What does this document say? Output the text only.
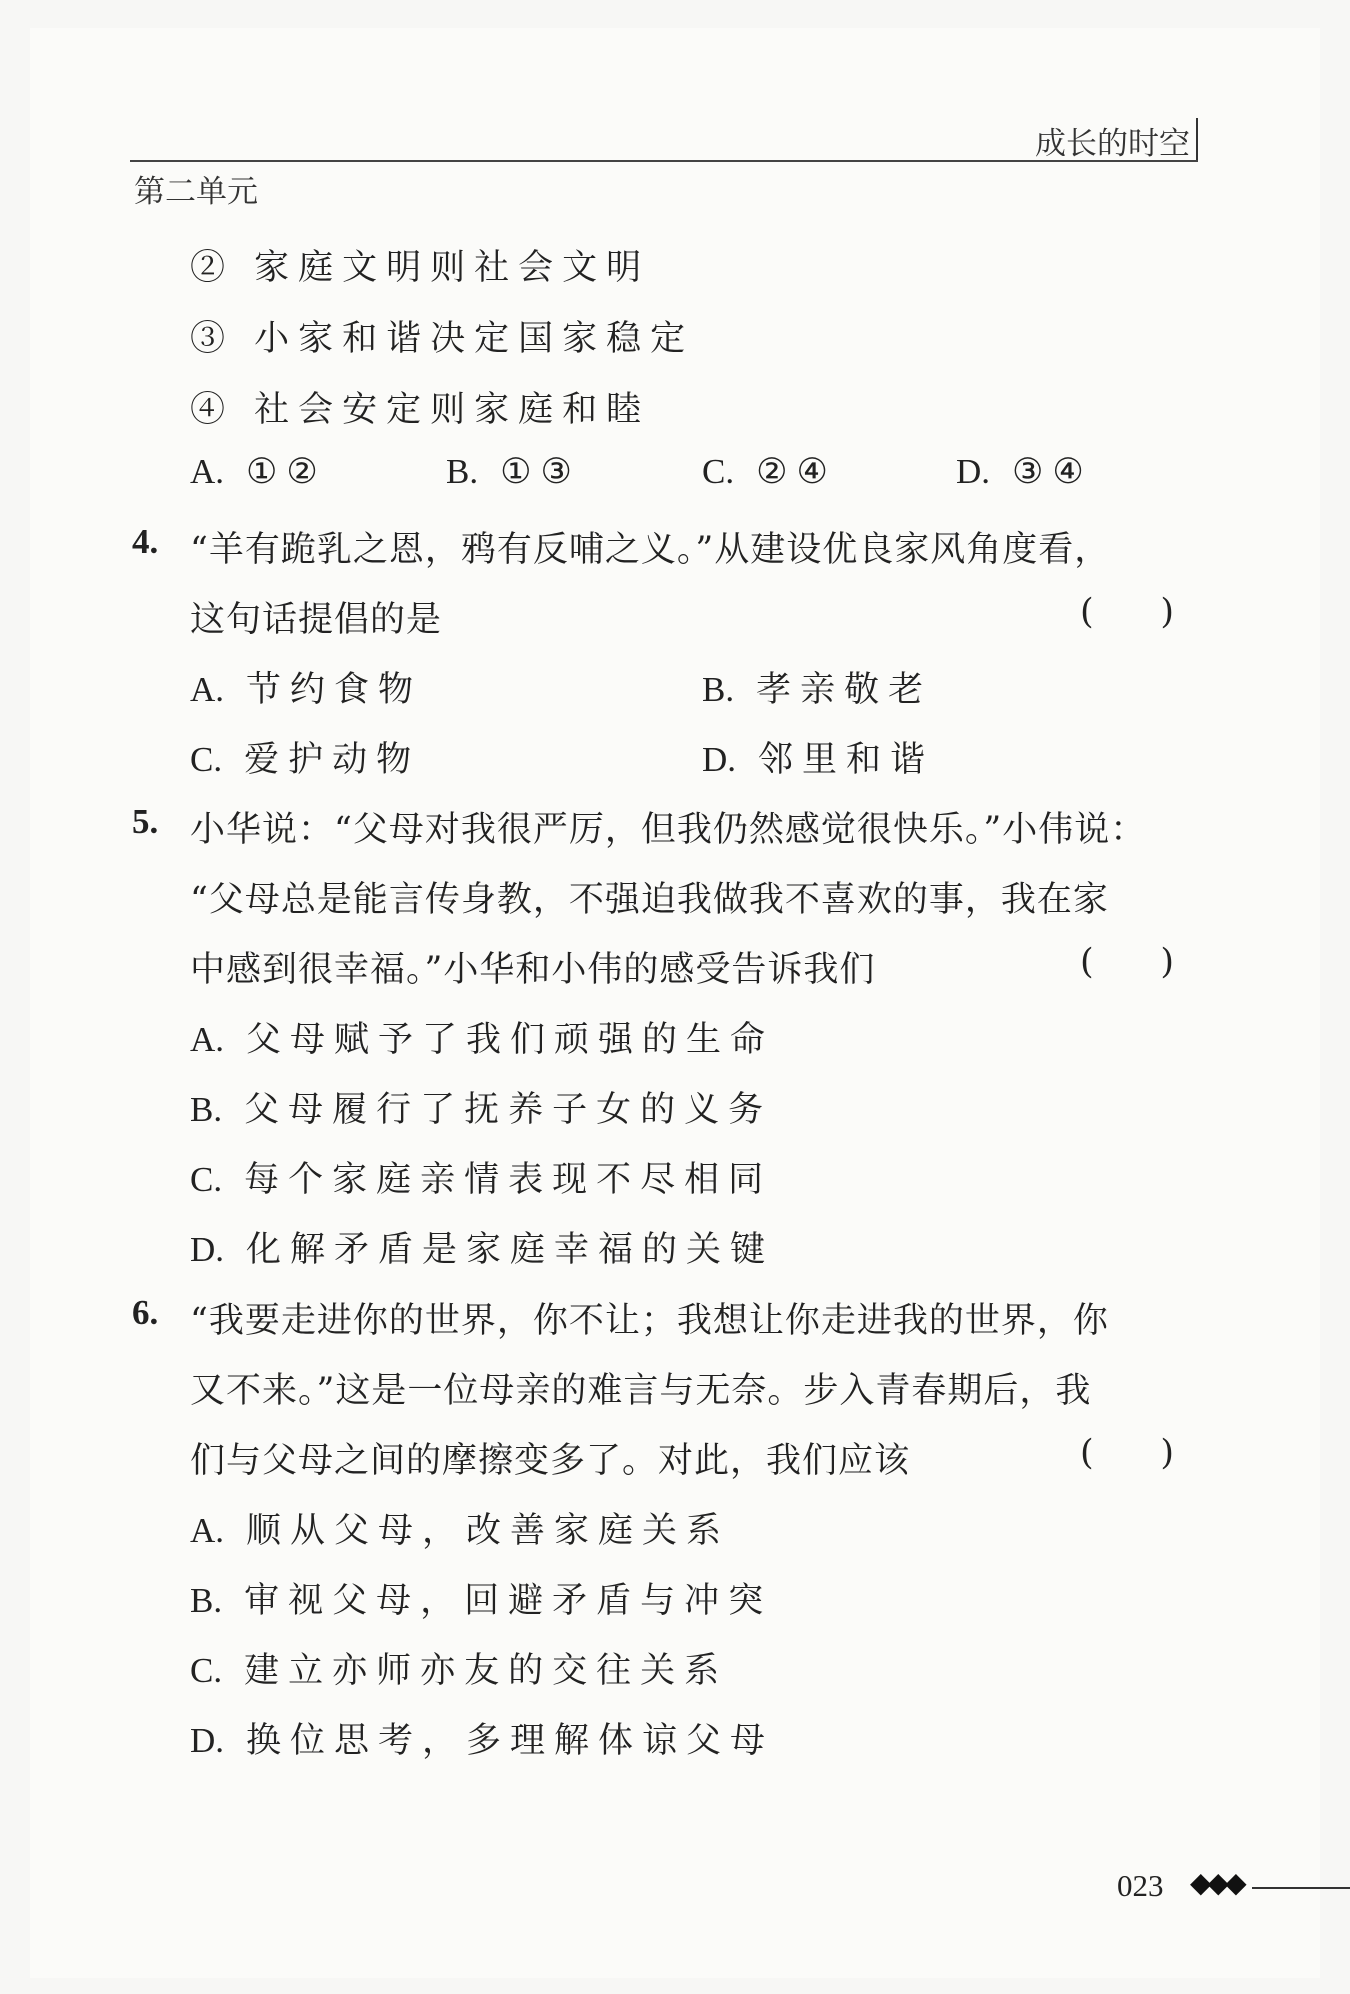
成长的时空
第二单元
② 家庭文明则社会文明
③ 小家和谐决定国家稳定
④ 社会安定则家庭和睦
A. ①②	B. ①③	C. ②④	D. ③④
4. “羊有跪乳之恩，鸦有反哺之义。”从建设优良家风角度看，
这句话提倡的是	(      )
A. 节约食物	B. 孝亲敬老
C. 爱护动物	D. 邻里和谐
5. 小华说：“父母对我很严厉，但我仍然感觉很快乐。”小伟说：
“父母总是能言传身教，不强迫我做我不喜欢的事，我在家
中感到很幸福。”小华和小伟的感受告诉我们	(      )
A. 父母赋予了我们顽强的生命
B. 父母履行了抚养子女的义务
C. 每个家庭亲情表现不尽相同
D. 化解矛盾是家庭幸福的关键
6. “我要走进你的世界，你不让；我想让你走进我的世界，你
又不来。”这是一位母亲的难言与无奈。步入青春期后，我
们与父母之间的摩擦变多了。对此，我们应该	(      )
A. 顺从父母，改善家庭关系
B. 审视父母，回避矛盾与冲突
C. 建立亦师亦友的交往关系
D. 换位思考，多理解体谅父母
023 ◆◆◆
